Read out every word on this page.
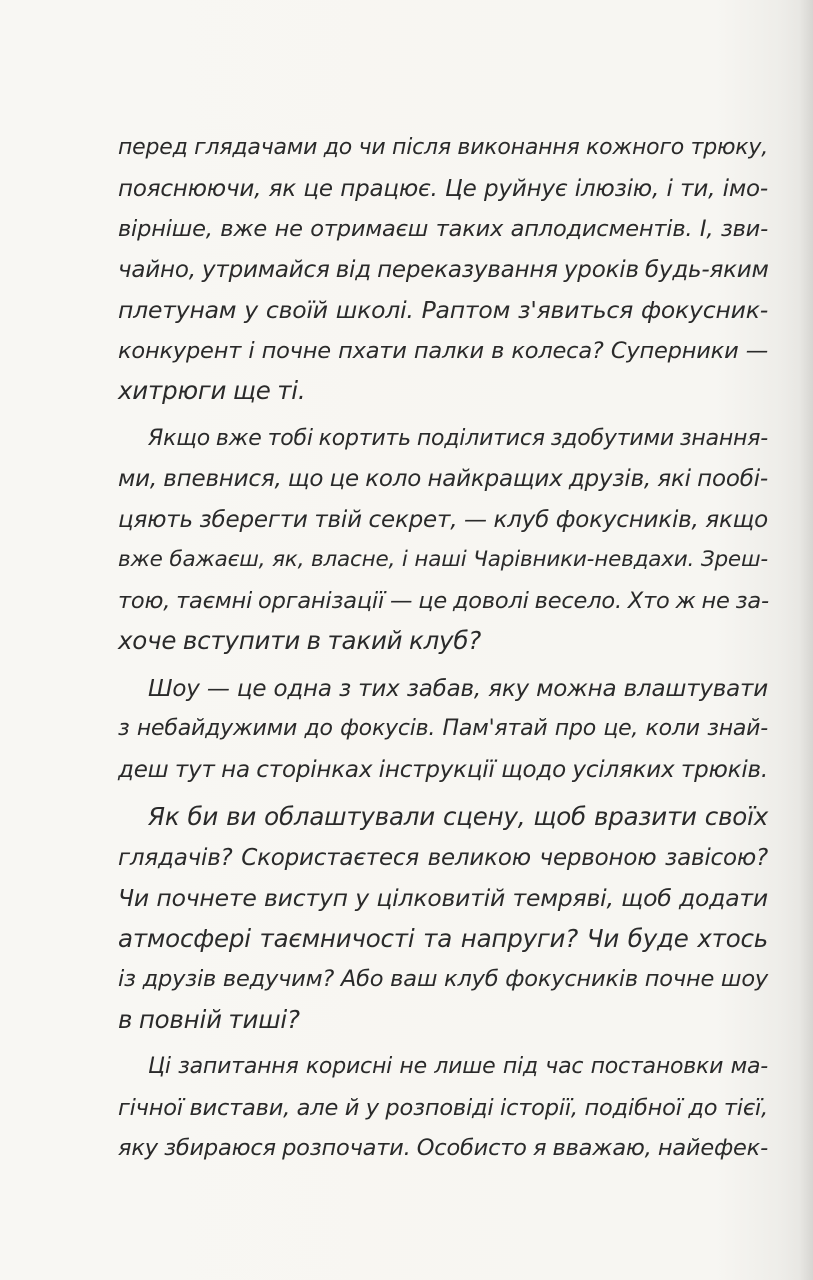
перед глядачами до чи після виконання кожного трюку,
пояснюючи, як це працює. Це руйнує ілюзію, і ти, імо-
вірніше, вже не отримаєш таких аплодисментів. І, зви-
чайно, утримайся від переказування уроків будь-яким
плетунам у своїй школі. Раптом з'явиться фокусник-
конкурент і почне пхати палки в колеса? Суперники —
хитрюги ще ті.
Якщо вже тобі кортить поділитися здобутими знання-
ми, впевнися, що це коло найкращих друзів, які пообі-
цяють зберегти твій секрет, — клуб фокусників, якщо
вже бажаєш, як, власне, і наші Чарівники-невдахи. Зреш-
тою, таємні організації — це доволі весело. Хто ж не за-
хоче вступити в такий клуб?
Шоу — це одна з тих забав, яку можна влаштувати
з небайдужими до фокусів. Пам'ятай про це, коли знай-
деш тут на сторінках інструкції щодо усіляких трюків.
Як би ви облаштували сцену, щоб вразити своїх
глядачів? Скористаєтеся великою червоною завісою?
Чи почнете виступ у цілковитій темряві, щоб додати
атмосфері таємничості та напруги? Чи буде хтось
із друзів ведучим? Або ваш клуб фокусників почне шоу
в повній тиші?
Ці запитання корисні не лише під час постановки ма-
гічної вистави, але й у розповіді історії, подібної до тієї,
яку збираюся розпочати. Особисто я вважаю, найефек-
